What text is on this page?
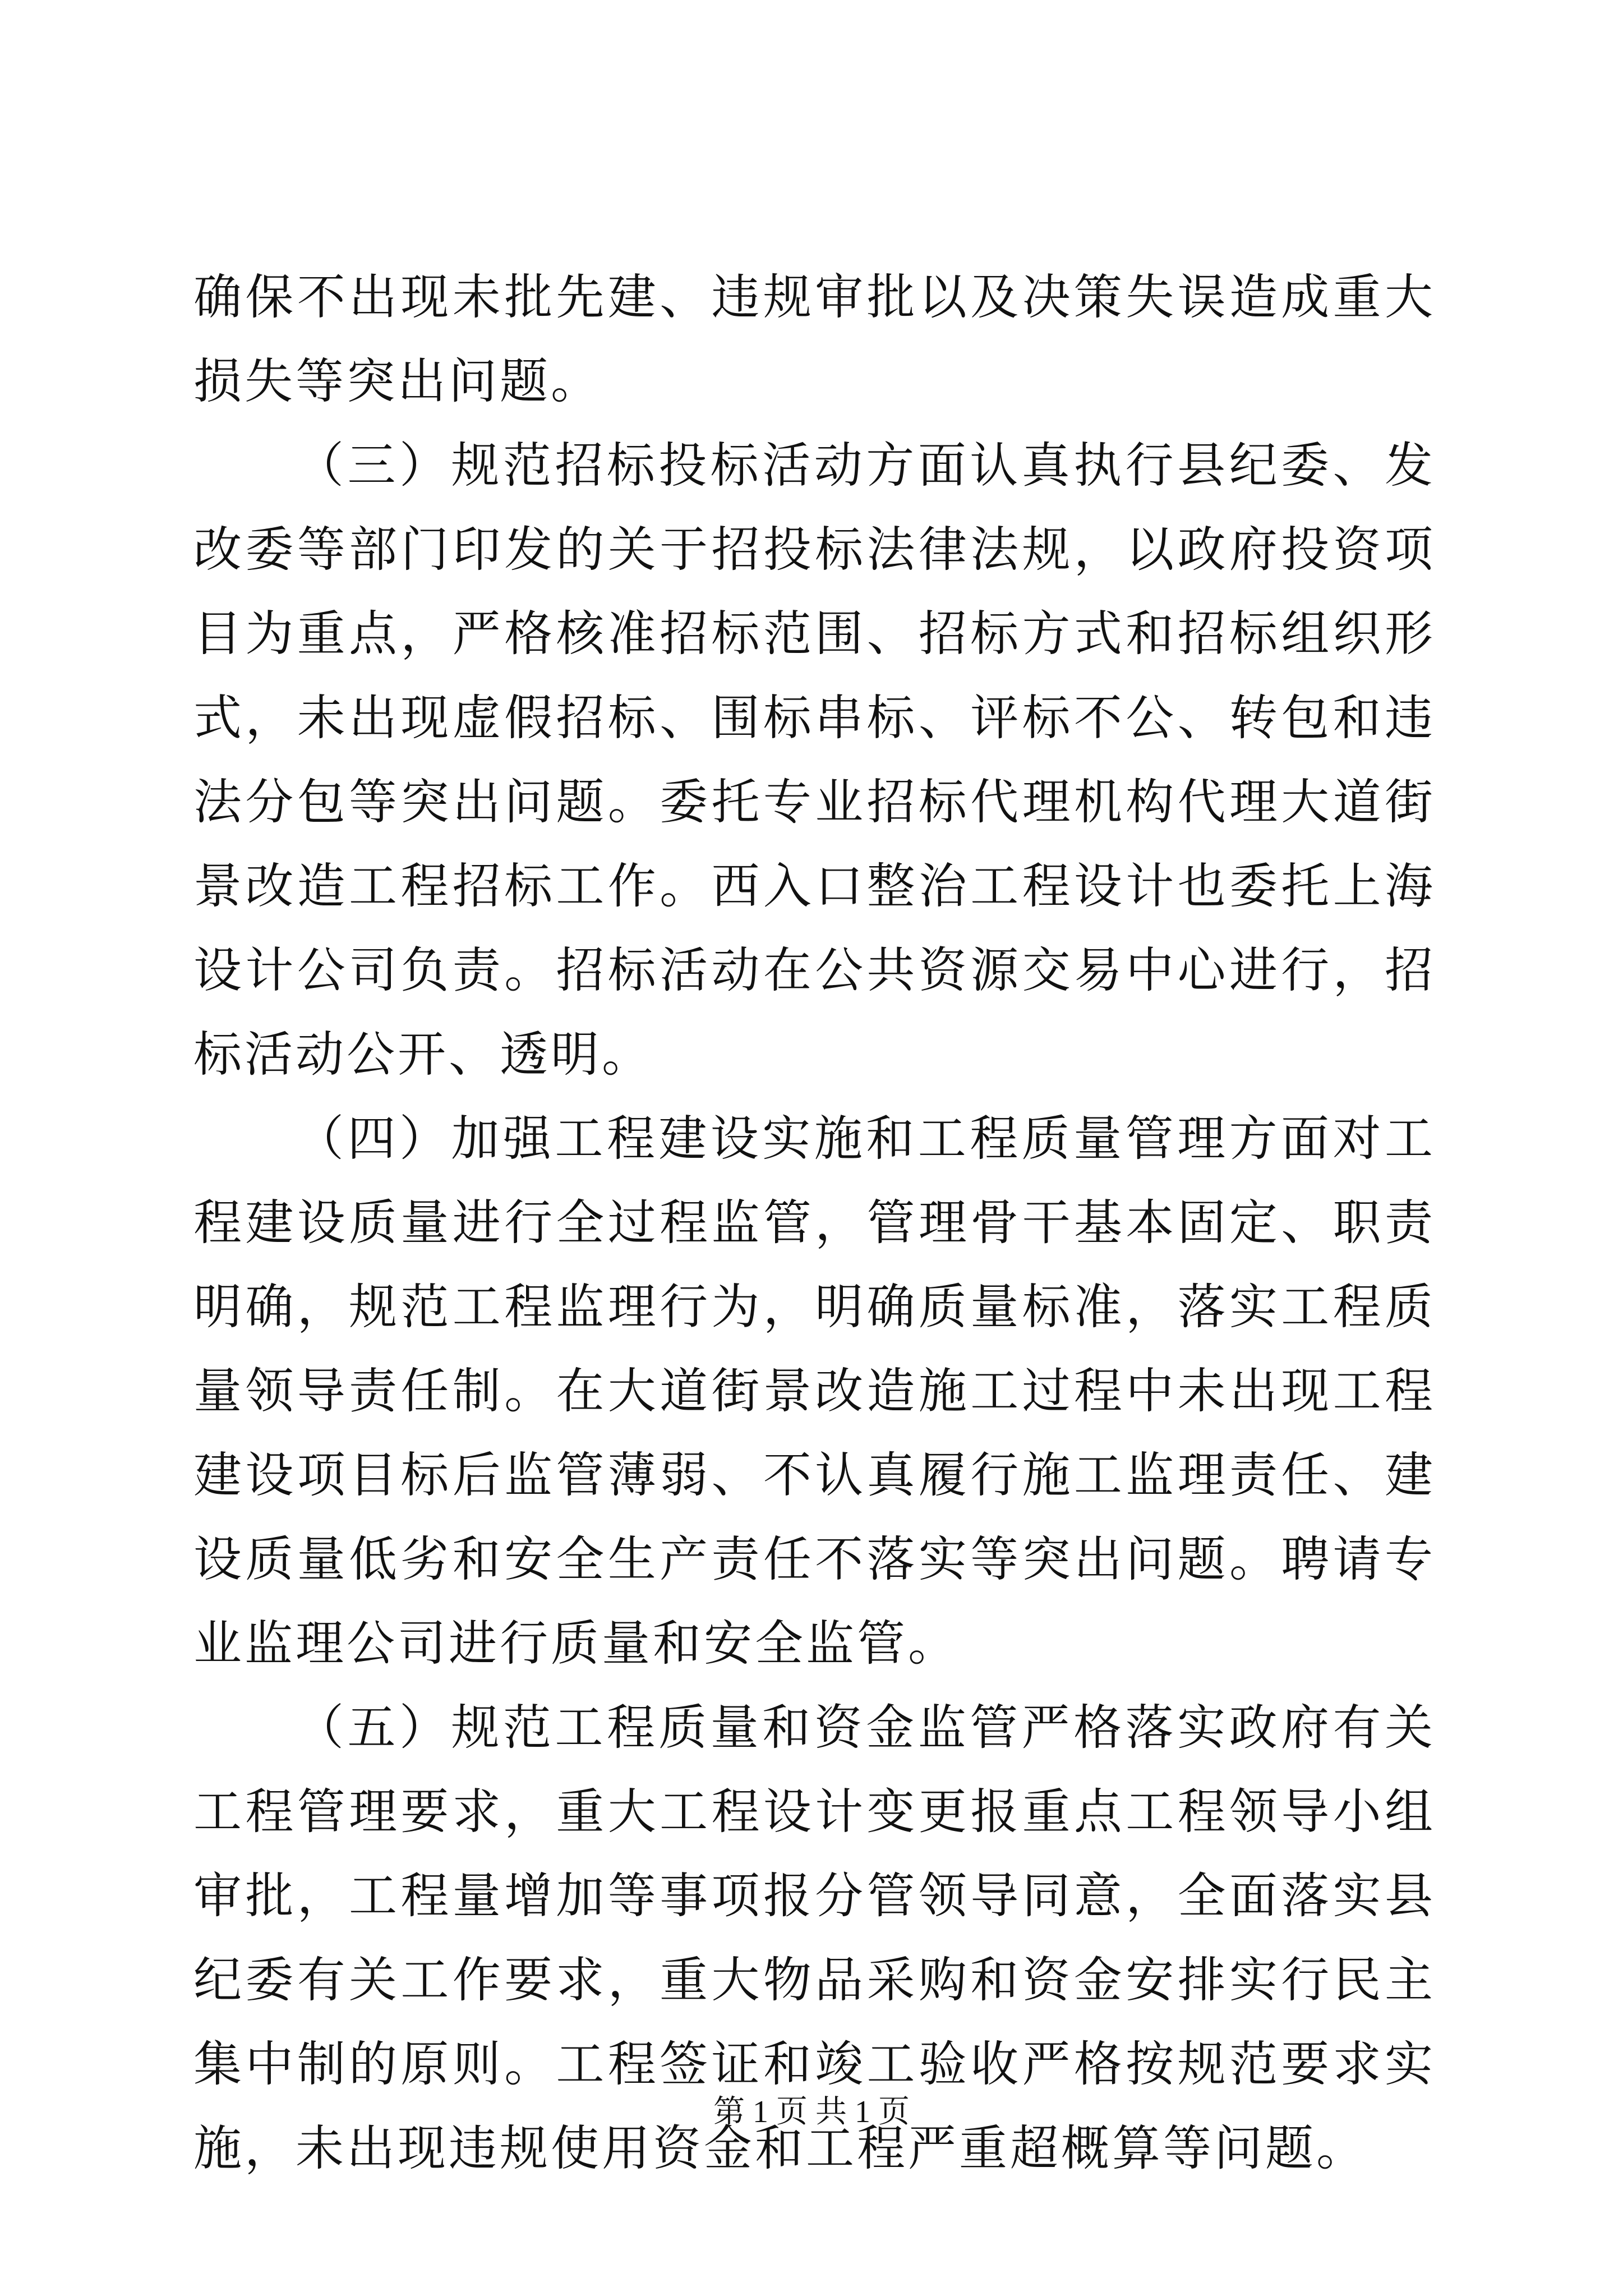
确保不出现未批先建、违规审批以及决策失误造成重大损失等突出问题。

（三）规范招标投标活动方面认真执行县纪委、发改委等部门印发的关于招投标法律法规，以政府投资项目为重点，严格核准招标范围、招标方式和招标组织形式，未出现虚假招标、围标串标、评标不公、转包和违法分包等突出问题。委托专业招标代理机构代理大道街景改造工程招标工作。西入口整治工程设计也委托上海设计公司负责。招标活动在公共资源交易中心进行，招标活动公开、透明。

（四）加强工程建设实施和工程质量管理方面对工程建设质量进行全过程监管，管理骨干基本固定、职责明确，规范工程监理行为，明确质量标准，落实工程质量领导责任制。在大道街景改造施工过程中未出现工程建设项目标后监管薄弱、不认真履行施工监理责任、建设质量低劣和安全生产责任不落实等突出问题。聘请专业监理公司进行质量和安全监管。

（五）规范工程质量和资金监管严格落实政府有关工程管理要求，重大工程设计变更报重点工程领导小组审批，工程量增加等事项报分管领导同意，全面落实县纪委有关工作要求，重大物品采购和资金安排实行民主集中制的原则。工程签证和竣工验收严格按规范要求实施，未出现违规使用资金和工程严重超概算等问题。

第 1 页 共 1 页
